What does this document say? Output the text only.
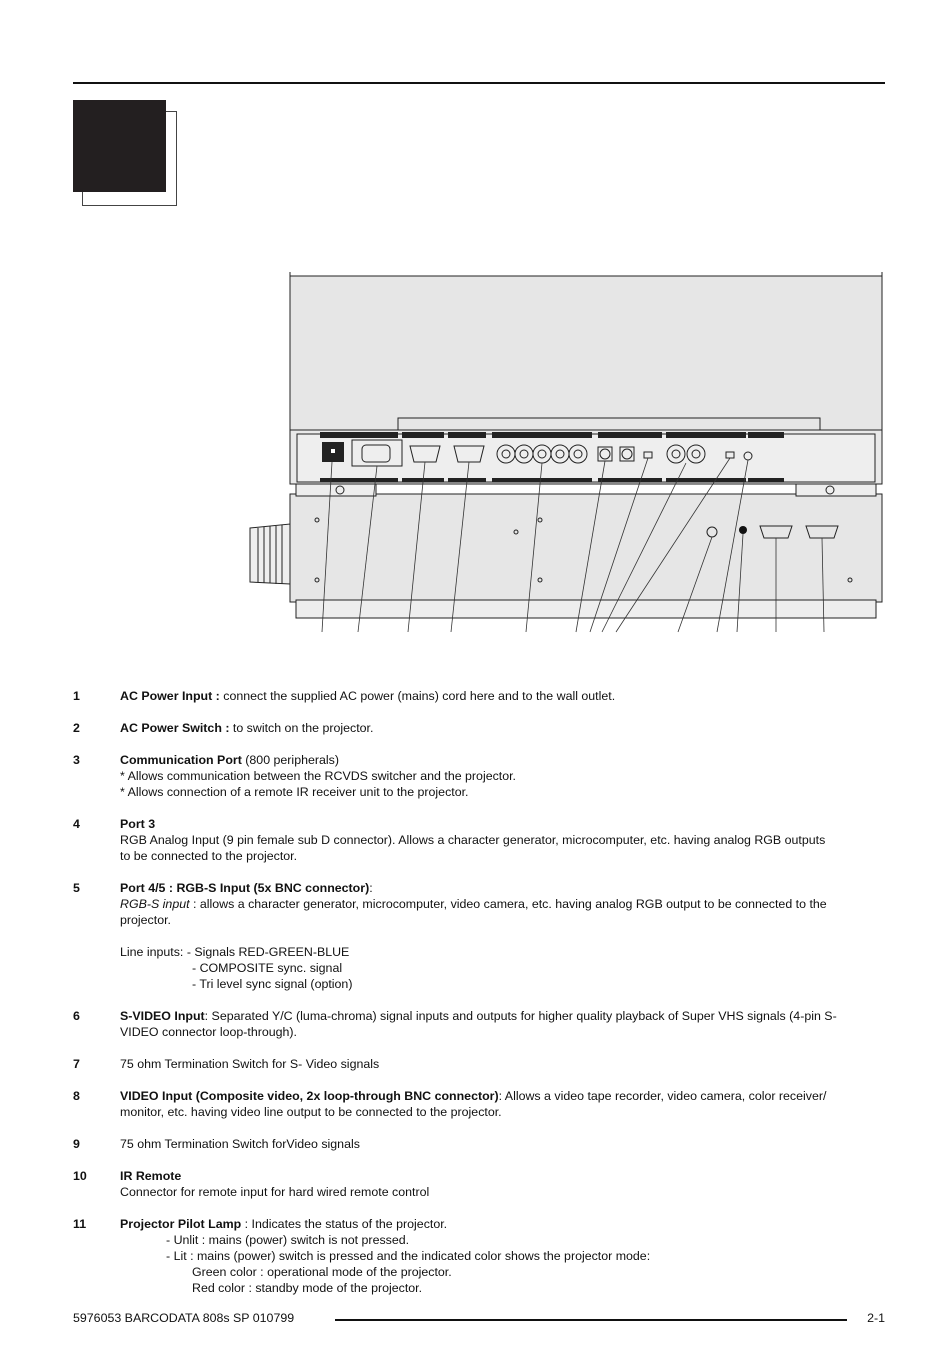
1	AC Power Input : connect the supplied AC power (mains) cord here and to the wall outlet.
2	AC Power Switch : to switch on the projector.
3	Communication Port (800 peripherals)
* Allows communication between the RCVDS switcher and the projector.
* Allows connection of a remote IR receiver unit to the projector.
4	Port 3
RGB Analog Input (9 pin female sub D connector). Allows a character generator, microcomputer, etc. having analog RGB outputs
to be connected to the projector.
5	Port 4/5 : RGB-S Input (5x BNC connector):
RGB-S input : allows a character generator, microcomputer, video camera, etc. having analog RGB output to be connected to the
projector.

Line inputs: - Signals RED-GREEN-BLUE
- COMPOSITE sync. signal
- Tri level sync signal (option)
6	S-VIDEO Input: Separated Y/C (luma-chroma) signal inputs and outputs for higher quality playback of Super VHS signals (4-pin S-
VIDEO connector loop-through).
7	75 ohm Termination Switch for S- Video signals
8	VIDEO Input (Composite video, 2x loop-through BNC connector): Allows a video tape recorder, video camera, color receiver/
monitor, etc. having video line output to be connected to the projector.
9	75 ohm Termination Switch forVideo signals
10	IR Remote
Connector for remote input for hard wired remote control
11	Projector Pilot Lamp : Indicates the status of the projector.
- Unlit : mains (power) switch is not pressed.
- Lit : mains (power) switch is pressed and the indicated color shows the projector mode:
Green color : operational mode of the projector.
Red color : standby mode of the projector.
5976053 BARCODATA 808s SP 010799	2-1
